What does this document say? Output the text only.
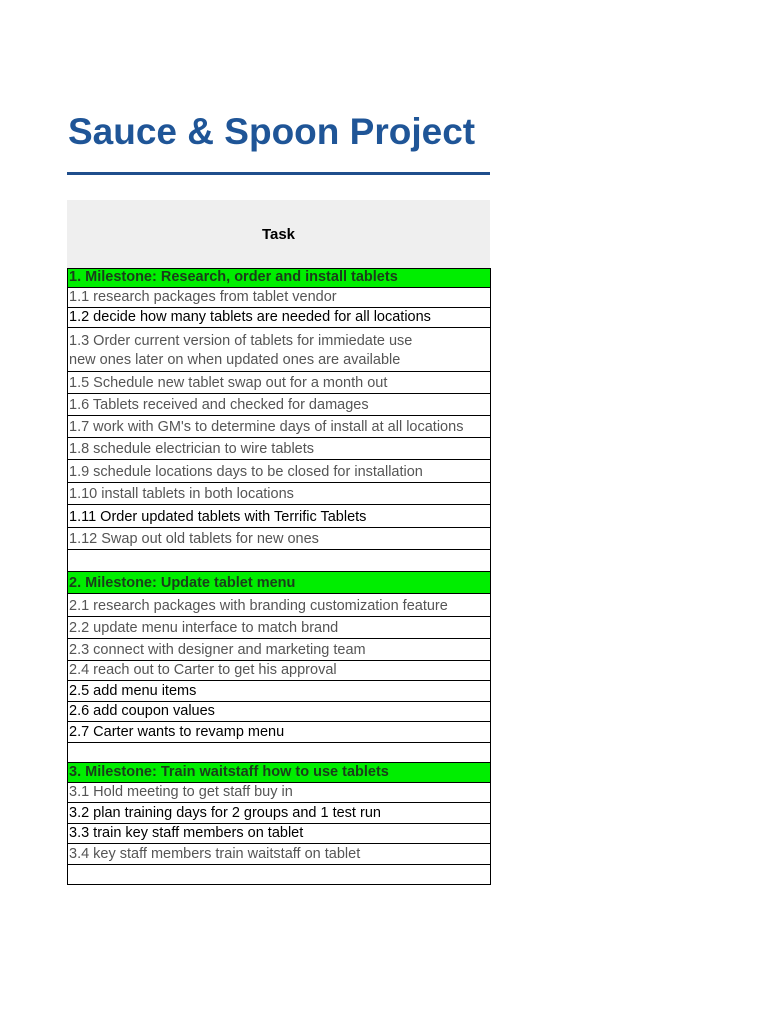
Sauce & Spoon Project
Task
1. Milestone: Research, order and install tablets
1.1 research packages from tablet vendor
1.2 decide how many tablets are needed for all locations
1.3 Order current version of tablets for immiedate use
new ones later on when updated ones are available
1.5 Schedule new tablet swap out for a month out
1.6 Tablets received and checked for damages
1.7 work with GM's to determine days of install at all locations
1.8 schedule electrician to wire tablets
1.9 schedule locations days to be closed for installation
1.10 install tablets in both locations
1.11 Order updated tablets with Terrific Tablets
1.12 Swap out old tablets for new ones
2. Milestone: Update tablet menu
2.1 research packages with branding customization feature
2.2 update menu interface to match brand
2.3 connect with designer and marketing team
2.4 reach out to Carter to get his approval
2.5 add menu items
2.6 add coupon values
2.7 Carter wants to revamp menu
3. Milestone: Train waitstaff how to use tablets
3.1 Hold meeting to get staff buy in
3.2 plan training days for 2 groups and 1 test run
3.3 train key staff members on tablet
3.4 key staff members train waitstaff on tablet
